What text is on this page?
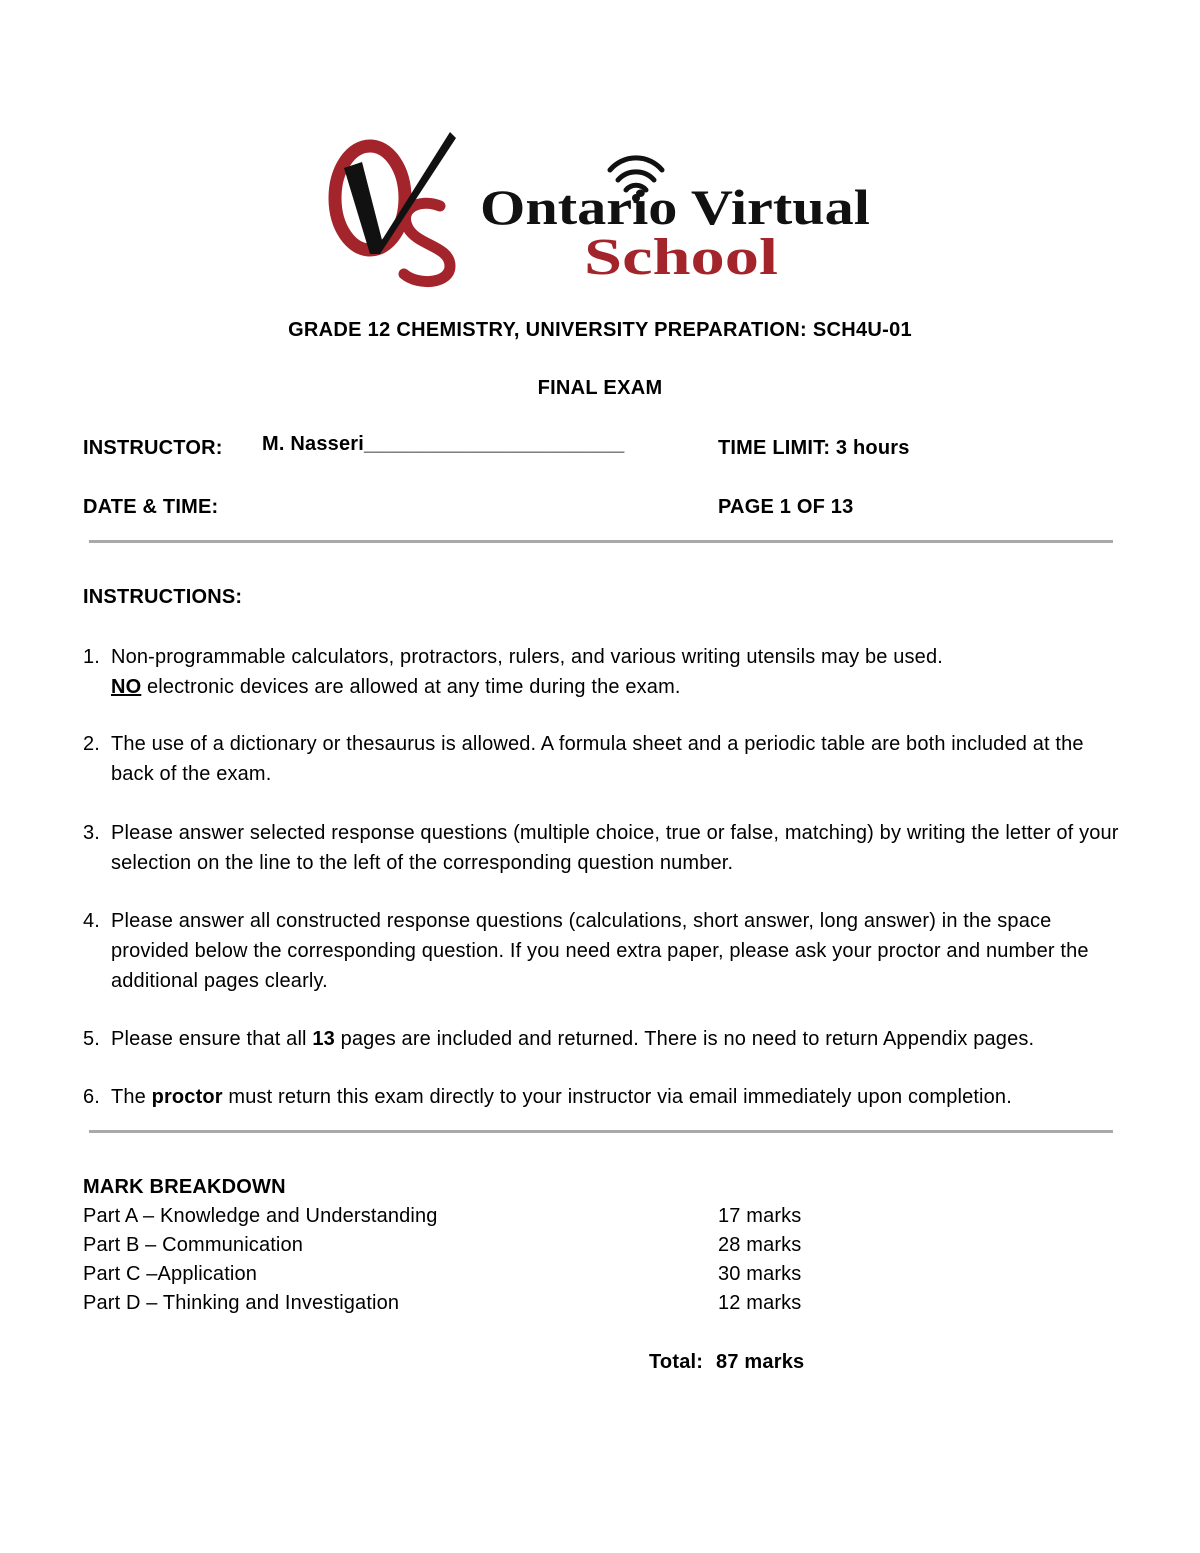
Ontario Virtual
School
GRADE 12 CHEMISTRY, UNIVERSITY PREPARATION: SCH4U-01
FINAL EXAM
INSTRUCTOR: M. Nasseri_______________________	TIME LIMIT: 3 hours
DATE & TIME:	PAGE 1 OF 13
INSTRUCTIONS:
1. Non-programmable calculators, protractors, rulers, and various writing utensils may be used.
NO electronic devices are allowed at any time during the exam.
2. The use of a dictionary or thesaurus is allowed. A formula sheet and a periodic table are both included at the back of the exam.
3. Please answer selected response questions (multiple choice, true or false, matching) by writing the letter of your selection on the line to the left of the corresponding question number.
4. Please answer all constructed response questions (calculations, short answer, long answer) in the space provided below the corresponding question. If you need extra paper, please ask your proctor and number the additional pages clearly.
5. Please ensure that all 13 pages are included and returned. There is no need to return Appendix pages.
6. The proctor must return this exam directly to your instructor via email immediately upon completion.
MARK BREAKDOWN
Part A – Knowledge and Understanding	17 marks
Part B – Communication	28 marks
Part C –Application	30 marks
Part D – Thinking and Investigation	12 marks
Total: 87 marks
